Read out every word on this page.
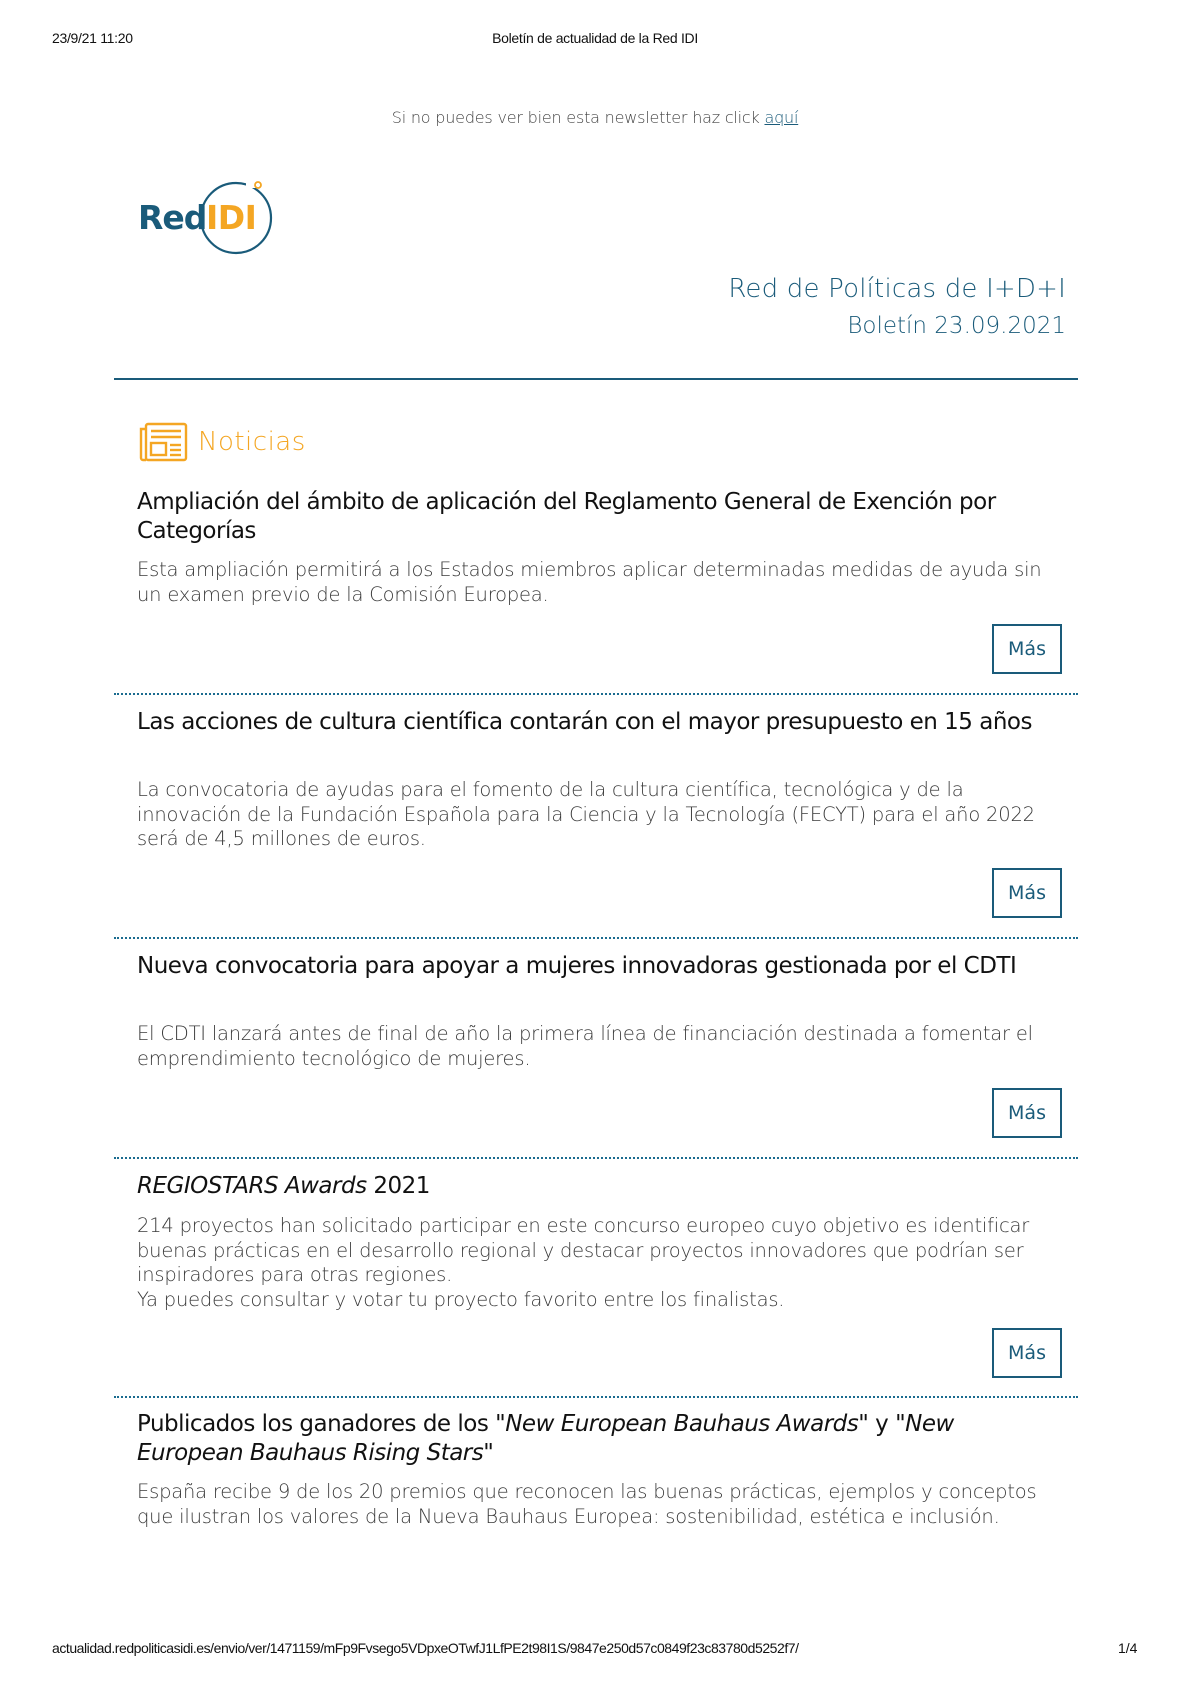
23/9/21 11:20	Boletín de actualidad de la Red IDI
Si no puedes ver bien esta newsletter haz click aquí
Red IDI
Red de Políticas de I+D+I
Boletín 23.09.2021
Noticias
Ampliación del ámbito de aplicación del Reglamento General de Exención por Categorías
Esta ampliación permitirá a los Estados miembros aplicar determinadas medidas de ayuda sin un examen previo de la Comisión Europea.
Más
Las acciones de cultura científica contarán con el mayor presupuesto en 15 años
La convocatoria de ayudas para el fomento de la cultura científica, tecnológica y de la innovación de la Fundación Española para la Ciencia y la Tecnología (FECYT) para el año 2022 será de 4,5 millones de euros.
Más
Nueva convocatoria para apoyar a mujeres innovadoras gestionada por el CDTI
El CDTI lanzará antes de final de año la primera línea de financiación destinada a fomentar el emprendimiento tecnológico de mujeres.
Más
REGIOSTARS Awards 2021
214 proyectos han solicitado participar en este concurso europeo cuyo objetivo es identificar buenas prácticas en el desarrollo regional y destacar proyectos innovadores que podrían ser inspiradores para otras regiones.
Ya puedes consultar y votar tu proyecto favorito entre los finalistas.
Más
Publicados los ganadores de los "New European Bauhaus Awards" y "New European Bauhaus Rising Stars"
España recibe 9 de los 20 premios que reconocen las buenas prácticas, ejemplos y conceptos que ilustran los valores de la Nueva Bauhaus Europea: sostenibilidad, estética e inclusión.
actualidad.redpoliticasidi.es/envio/ver/1471159/mFp9Fvsego5VDpxeOTwfJ1LfPE2t98I1S/9847e250d57c0849f23c83780d5252f7/	1/4
